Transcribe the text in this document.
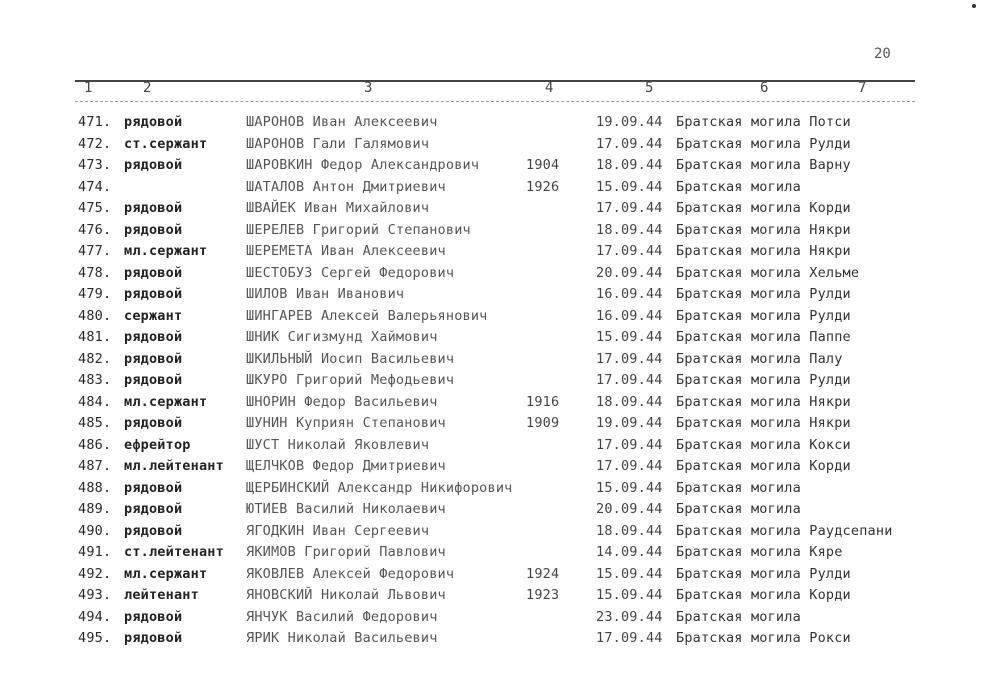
20
1	2	3	4	5	6	7
471.	рядовой	ШАРОНОВ Иван Алексеевич		19.09.44	Братская могила Потси
472.	ст.сержант	ШАРОНОВ Гали Галямович		17.09.44	Братская могила Рулди
473.	рядовой	ШАРОВКИН Федор Александрович	1904	18.09.44	Братская могила Варну
474.		ШАТАЛОВ Антон Дмитриевич	1926	15.09.44	Братская могила
475.	рядовой	ШВАЙЕК Иван Михайлович		17.09.44	Братская могила Корди
476.	рядовой	ШЕРЕЛЕВ Григорий Степанович		18.09.44	Братская могила Някри
477.	мл.сержант	ШЕРЕМЕТА Иван Алексеевич		17.09.44	Братская могила Някри
478.	рядовой	ШЕСТОБУЗ Сергей Федорович		20.09.44	Братская могила Хельме
479.	рядовой	ШИЛОВ Иван Иванович		16.09.44	Братская могила Рулди
480.	сержант	ШИНГАРЕВ Алексей Валерьянович		16.09.44	Братская могила Рулди
481.	рядовой	ШНИК Сигизмунд Хаймович		15.09.44	Братская могила Паппе
482.	рядовой	ШКИЛЬНЫЙ Иосип Васильевич		17.09.44	Братская могила Палу
483.	рядовой	ШКУРО Григорий Мефодьевич		17.09.44	Братская могила Рулди
484.	мл.сержант	ШНОРИН Федор Васильевич	1916	18.09.44	Братская могила Някри
485.	рядовой	ШУНИН Куприян Степанович	1909	19.09.44	Братская могила Някри
486.	ефрейтор	ШУСТ Николай Яковлевич		17.09.44	Братская могила Кокси
487.	мл.лейтенант	ЩЕЛЧКОВ Федор Дмитриевич		17.09.44	Братская могила Корди
488.	рядовой	ЩЕРБИНСКИЙ Александр Никифорович		15.09.44	Братская могила
489.	рядовой	ЮТИЕВ Василий Николаевич		20.09.44	Братская могила
490.	рядовой	ЯГОДКИН Иван Сергеевич		18.09.44	Братская могила Раудсепани
491.	ст.лейтенант	ЯКИМОВ Григорий Павлович		14.09.44	Братская могила Кяре
492.	мл.сержант	ЯКОВЛЕВ Алексей Федорович	1924	15.09.44	Братская могила Рулди
493.	лейтенант	ЯНОВСКИЙ Николай Львович	1923	15.09.44	Братская могила Корди
494.	рядовой	ЯНЧУК Василий Федорович		23.09.44	Братская могила
495.	рядовой	ЯРИК Николай Васильевич		17.09.44	Братская могила Рокси
